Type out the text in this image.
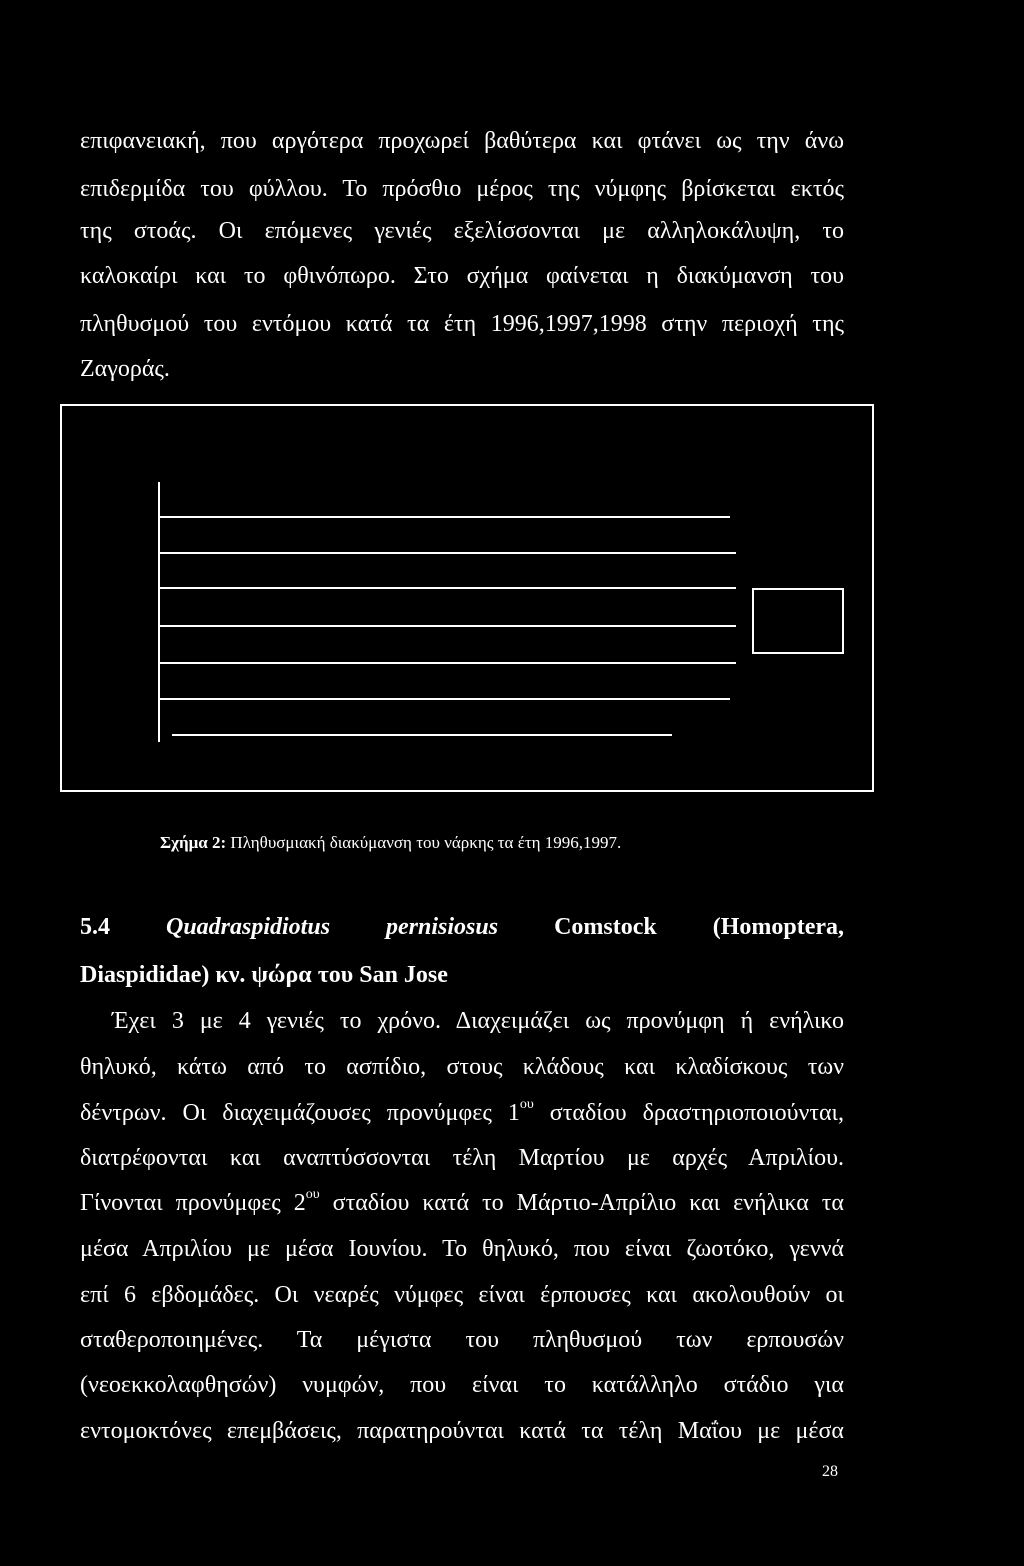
επιφανειακή, που αργότερα προχωρεί βαθύτερα και φτάνει ως την άνω
επιδερμίδα του φύλλου. Το πρόσθιο μέρος της νύμφης βρίσκεται εκτός
της στοάς. Οι επόμενες γενιές εξελίσσονται με αλληλοκάλυψη, το
καλοκαίρι και το φθινόπωρο. Στο σχήμα φαίνεται η διακύμανση του
πληθυσμού του εντόμου κατά τα έτη 1996,1997,1998 στην περιοχή της
Ζαγοράς.
Σχήμα 2: Πληθυσμιακή διακύμανση του νάρκης τα έτη 1996,1997.
5.4 Quadraspidiotus pernisiosus Comstock (Homoptera,
Diaspididae) κν. ψώρα του San Jose
Έχει 3 με 4 γενιές το χρόνο. Διαχειμάζει ως προνύμφη ή ενήλικο
θηλυκό, κάτω από το ασπίδιο, στους κλάδους και κλαδίσκους των
δέντρων. Οι διαχειμάζουσες προνύμφες $1^{o\upsilon}$ σταδίου δραστηριοποιούνται,
διατρέφονται και αναπτύσσονται τέλη Μαρτίου με αρχές Απριλίου.
Γίνονται προνύμφες $2^{o\upsilon}$ σταδίου κατά το Μάρτιο-Απρίλιο και ενήλικα τα
μέσα Απριλίου με μέσα Ιουνίου. Το θηλυκό, που είναι ζωοτόκο, γεννά
επί 6 εβδομάδες. Οι νεαρές νύμφες είναι έρπουσες και ακολουθούν οι
σταθεροποιημένες. Τα μέγιστα του πληθυσμού των ερπουσών
(νεοεκκολαφθησών) νυμφών, που είναι το κατάλληλο στάδιο για
εντομοκτόνες επεμβάσεις, παρατηρούνται κατά τα τέλη Μαΐου με μέσα
28
